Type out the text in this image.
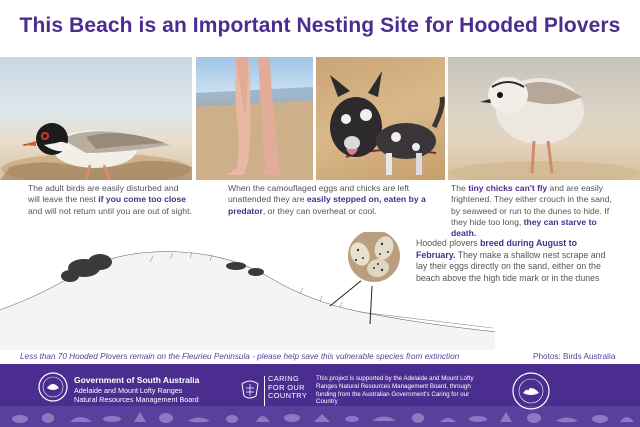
This Beach is an Important Nesting Site for Hooded Plovers
The adult birds are easily disturbed and will leave the nest if you come too close and will not return until you are out of sight.
When the camouflaged eggs and chicks are left unattended they are easily stepped on, eaten by a predator, or they can overheat or cool.
The tiny chicks can't fly and are easily frightened. They either crouch in the sand, by seaweed or run to the dunes to hide. If they hide too long, they can starve to death.
Hooded plovers breed during August to February. They make a shallow nest scrape and lay their eggs directly on the sand, either on the beach above the high tide mark or in the dunes
Less than 70 Hooded Plovers remain on the Fleurieu Peninsula - please help save this vulnerable species from extinction	Photos: Birds Australia
Government of South Australia
Adelaide and Mount Lofty Ranges Natural Resources Management Board
CARING FOR OUR COUNTRY
This project is supported by the Adelaide and Mount Lofty Ranges Natural Resources Management Board, through funding from the Australian Government's Caring for our Country
